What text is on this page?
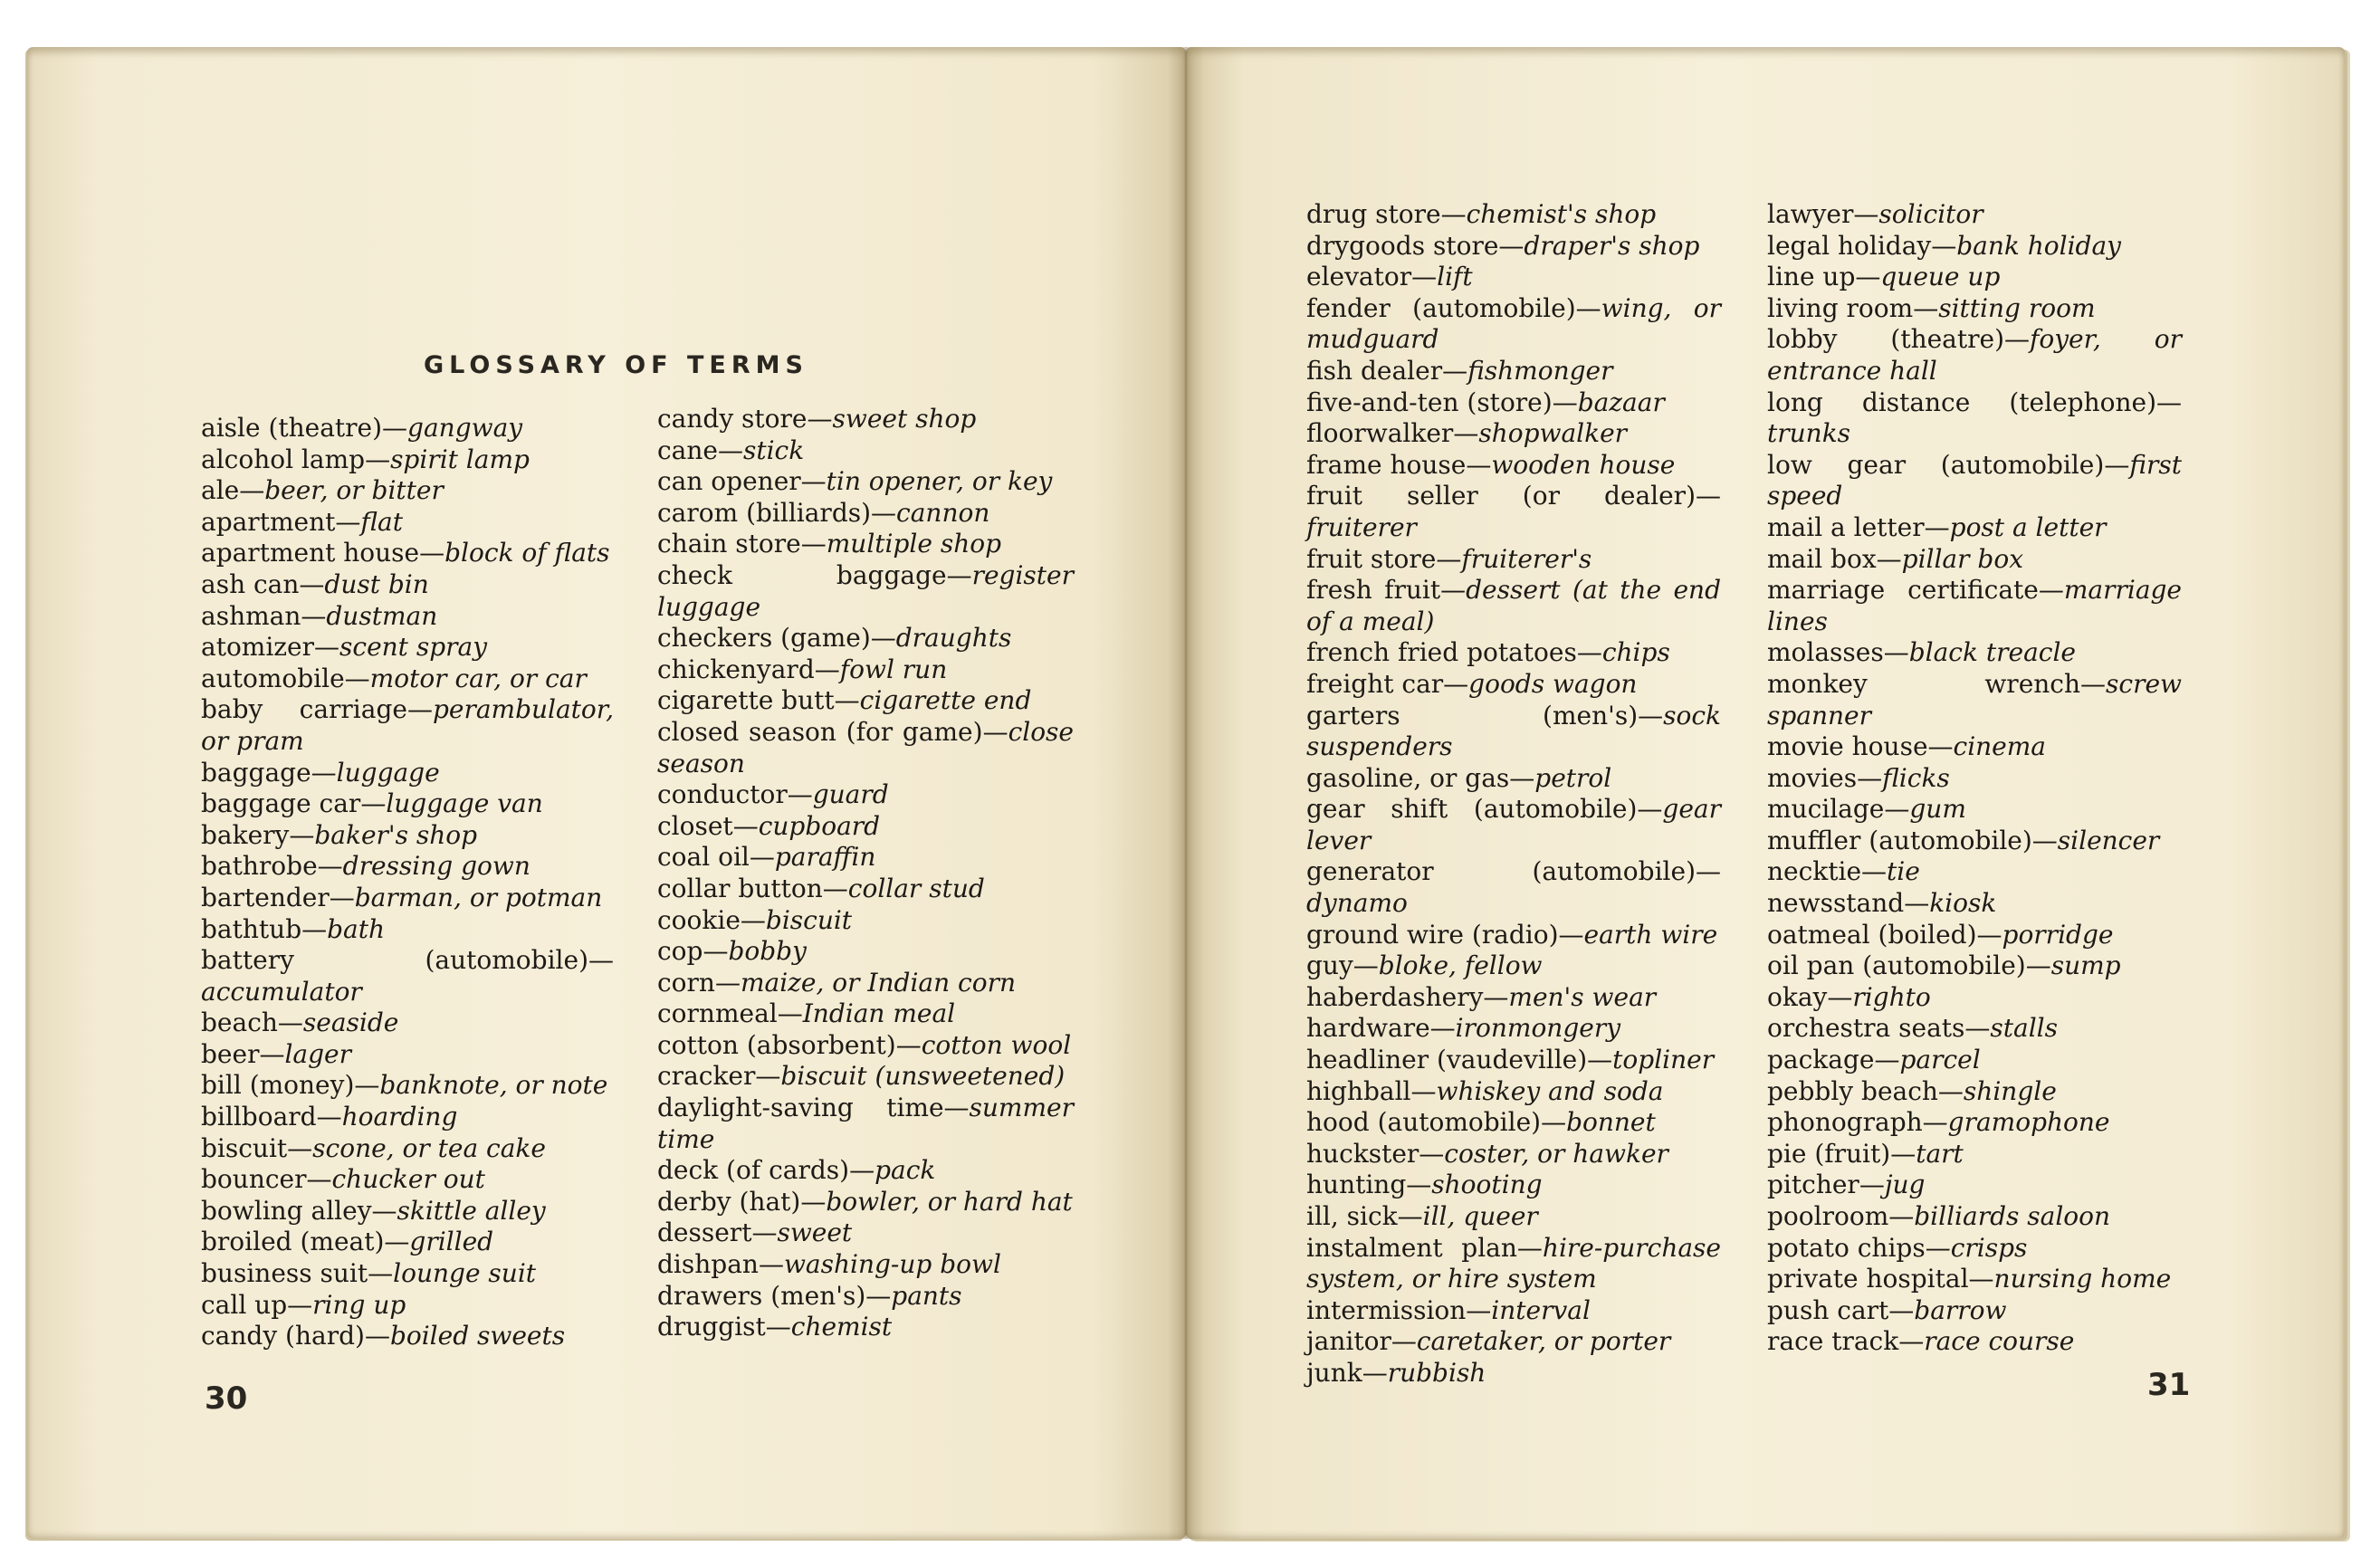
GLOSSARY OF TERMS
aisle (theatre)—gangway
alcohol lamp—spirit lamp
ale—beer, or bitter
apartment—flat
apartment house—block of flats
ash can—dust bin
ashman—dustman
atomizer—scent spray
automobile—motor car, or car
baby carriage—perambulator, or pram
baggage—luggage
baggage car—luggage van
bakery—baker's shop
bathrobe—dressing gown
bartender—barman, or potman
bathtub—bath
battery (automobile)—accumulator
beach—seaside
beer—lager
bill (money)—banknote, or note
billboard—hoarding
biscuit—scone, or tea cake
bouncer—chucker out
bowling alley—skittle alley
broiled (meat)—grilled
business suit—lounge suit
call up—ring up
candy (hard)—boiled sweets
candy store—sweet shop
cane—stick
can opener—tin opener, or key
carom (billiards)—cannon
chain store—multiple shop
check baggage—register luggage
checkers (game)—draughts
chickenyard—fowl run
cigarette butt—cigarette end
closed season (for game)—close season
conductor—guard
closet—cupboard
coal oil—paraffin
collar button—collar stud
cookie—biscuit
cop—bobby
corn—maize, or Indian corn
cornmeal—Indian meal
cotton (absorbent)—cotton wool
cracker—biscuit (unsweetened)
daylight-saving time—summer time
deck (of cards)—pack
derby (hat)—bowler, or hard hat
dessert—sweet
dishpan—washing-up bowl
drawers (men's)—pants
druggist—chemist
drug store—chemist's shop
drygoods store—draper's shop
elevator—lift
fender (automobile)—wing, or mudguard
fish dealer—fishmonger
five-and-ten (store)—bazaar
floorwalker—shopwalker
frame house—wooden house
fruit seller (or dealer)—fruiterer
fruit store—fruiterer's
fresh fruit—dessert (at the end of a meal)
french fried potatoes—chips
freight car—goods wagon
garters (men's)—sock suspenders
gasoline, or gas—petrol
gear shift (automobile)—gear lever
generator (automobile)—dynamo
ground wire (radio)—earth wire
guy—bloke, fellow
haberdashery—men's wear
hardware—ironmongery
headliner (vaudeville)—topliner
highball—whiskey and soda
hood (automobile)—bonnet
huckster—coster, or hawker
hunting—shooting
ill, sick—ill, queer
instalment plan—hire-purchase system, or hire system
intermission—interval
janitor—caretaker, or porter
junk—rubbish
lawyer—solicitor
legal holiday—bank holiday
line up—queue up
living room—sitting room
lobby (theatre)—foyer, or entrance hall
long distance (telephone)—trunks
low gear (automobile)—first speed
mail a letter—post a letter
mail box—pillar box
marriage certificate—marriage lines
molasses—black treacle
monkey wrench—screw spanner
movie house—cinema
movies—flicks
mucilage—gum
muffler (automobile)—silencer
necktie—tie
newsstand—kiosk
oatmeal (boiled)—porridge
oil pan (automobile)—sump
okay—righto
orchestra seats—stalls
package—parcel
pebbly beach—shingle
phonograph—gramophone
pie (fruit)—tart
pitcher—jug
poolroom—billiards saloon
potato chips—crisps
private hospital—nursing home
push cart—barrow
race track—race course
30	31
